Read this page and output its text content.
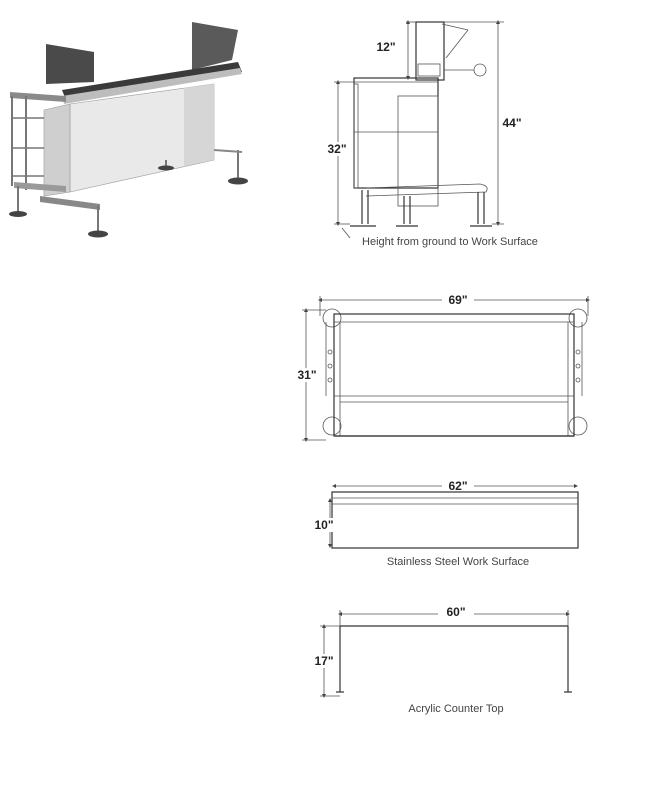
12"
32"
44"
Height from ground to Work Surface
69"
31"
62"
10"
Stainless Steel Work Surface
60"
17"
Acrylic Counter Top
